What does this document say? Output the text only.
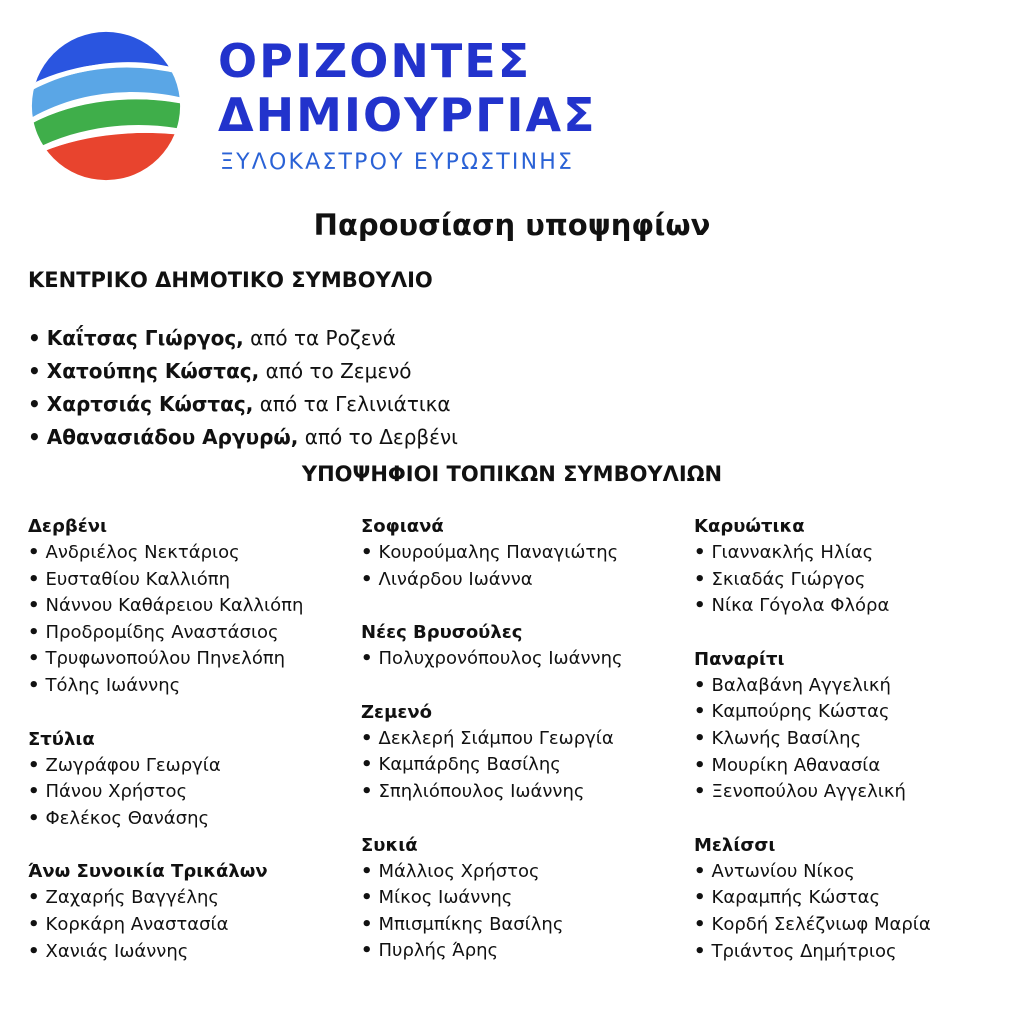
ΟΡΙΖΟΝΤΕΣ
ΔΗΜΙΟΥΡΓΙΑΣ
ΞΥΛΟΚΑΣΤΡΟΥ ΕΥΡΩΣΤΙΝΗΣ
Παρουσίαση υποψηφίων
ΚΕΝΤΡΙΚΟ ΔΗΜΟΤΙΚΟ ΣΥΜΒΟΥΛΙΟ
• Καΐτσας Γιώργος, από τα Ροζενά
• Χατούπης Κώστας, από το Ζεμενό
• Χαρτσιάς Κώστας, από τα Γελινιάτικα
• Αθανασιάδου Αργυρώ, από το Δερβένι
ΥΠΟΨΗΦΙΟΙ ΤΟΠΙΚΩΝ ΣΥΜΒΟΥΛΙΩΝ
Δερβένι
• Ανδριέλος Νεκτάριος
• Ευσταθίου Καλλιόπη
• Νάννου Καθάρειου Καλλιόπη
• Προδρομίδης Αναστάσιος
• Τρυφωνοπούλου Πηνελόπη
• Τόλης Ιωάννης
Στύλια
• Ζωγράφου Γεωργία
• Πάνου Χρήστος
• Φελέκος Θανάσης
Άνω Συνοικία Τρικάλων
• Ζαχαρής Βαγγέλης
• Κορκάρη Αναστασία
• Χανιάς Ιωάννης
Σοφιανά
• Κουρούμαλης Παναγιώτης
• Λινάρδου Ιωάννα
Νέες Βρυσούλες
• Πολυχρονόπουλος Ιωάννης
Ζεμενό
• Δεκλερή Σιάμπου Γεωργία
• Καμπάρδης Βασίλης
• Σπηλιόπουλος Ιωάννης
Συκιά
• Μάλλιος Χρήστος
• Μίκος Ιωάννης
• Μπισμπίκης Βασίλης
• Πυρλής Άρης
Καρυώτικα
• Γιαννακλής Ηλίας
• Σκιαδάς Γιώργος
• Νίκα Γόγολα Φλόρα
Παναρίτι
• Βαλαβάνη Αγγελική
• Καμπούρης Κώστας
• Κλωνής Βασίλης
• Μουρίκη Αθανασία
• Ξενοπούλου Αγγελική
Μελίσσι
• Αντωνίου Νίκος
• Καραμπής Κώστας
• Κορδή Σελέζνιωφ Μαρία
• Τριάντος Δημήτριος
